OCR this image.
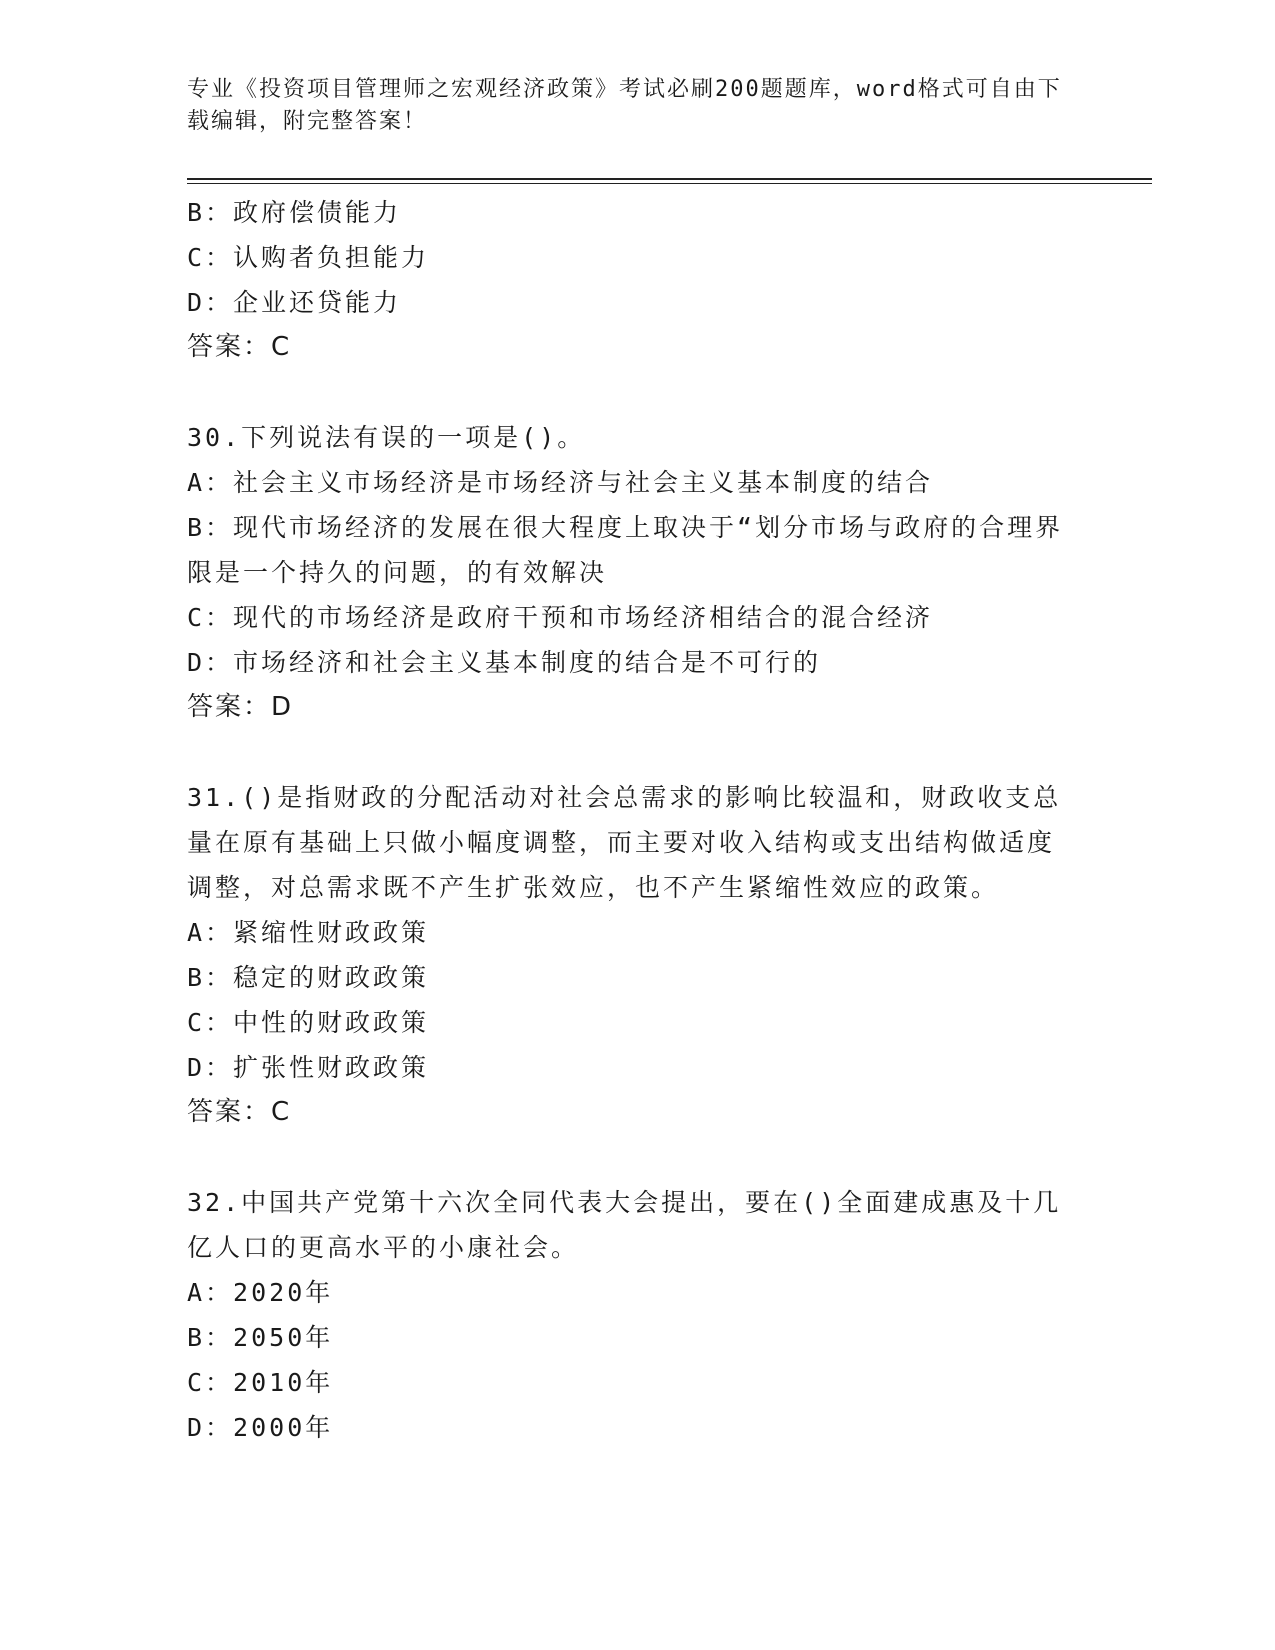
专业《投资项目管理师之宏观经济政策》考试必刷200题题库，word格式可自由下载编辑，附完整答案！
B：政府偿债能力
C：认购者负担能力
D：企业还贷能力
答案：C
30.下列说法有误的一项是()。
A：社会主义市场经济是市场经济与社会主义基本制度的结合
B：现代市场经济的发展在很大程度上取决于“划分市场与政府的合理界限是一个持久的问题，的有效解决
C：现代的市场经济是政府干预和市场经济相结合的混合经济
D：市场经济和社会主义基本制度的结合是不可行的
答案：D
31.()是指财政的分配活动对社会总需求的影响比较温和，财政收支总量在原有基础上只做小幅度调整，而主要对收入结构或支出结构做适度调整，对总需求既不产生扩张效应，也不产生紧缩性效应的政策。
A：紧缩性财政政策
B：稳定的财政政策
C：中性的财政政策
D：扩张性财政政策
答案：C
32.中国共产党第十六次全同代表大会提出，要在()全面建成惠及十几亿人口的更高水平的小康社会。
A：2020年
B：2050年
C：2010年
D：2000年
